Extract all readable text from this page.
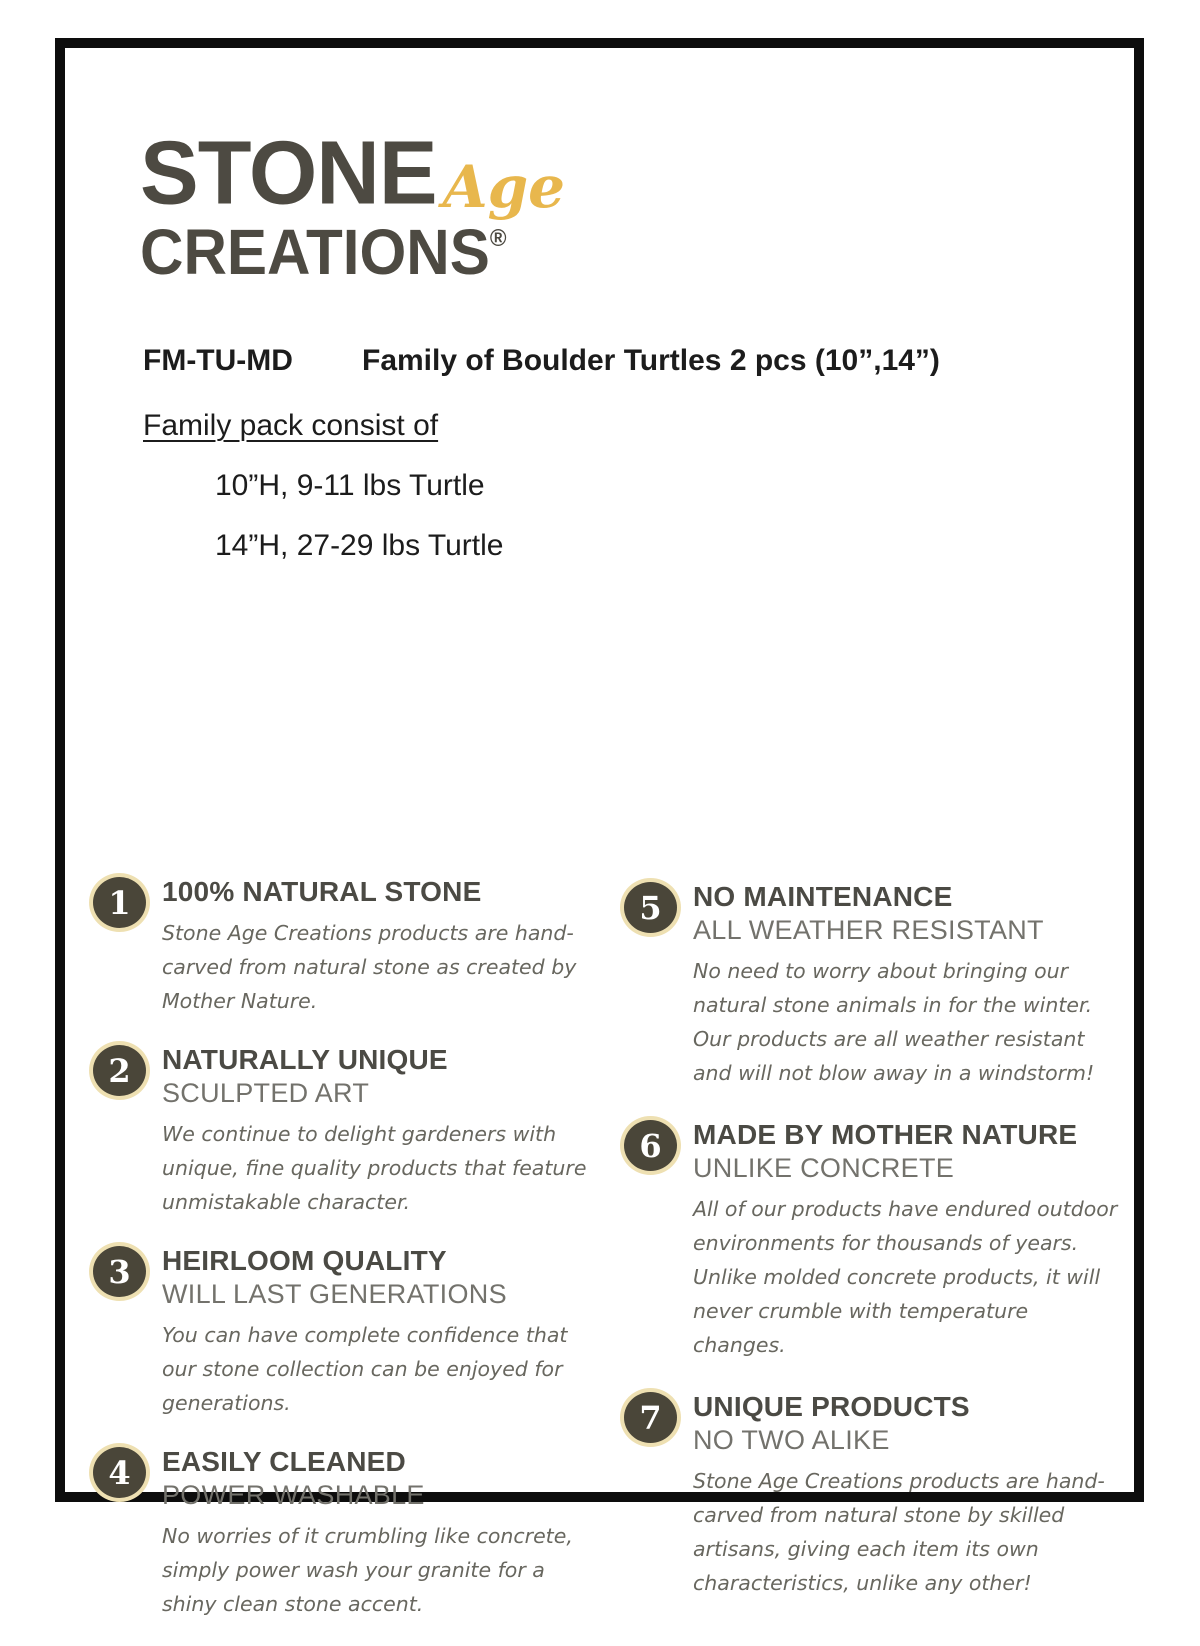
STONE Age
CREATIONS®
FM-TU-MD Family of Boulder Turtles 2 pcs (10”,14”)
Family pack consist of
10”H, 9-11 lbs Turtle
14”H, 27-29 lbs Turtle
1	100% NATURAL STONE

Stone Age Creations products are hand-carved from natural stone as created by Mother Nature.

2	NATURALLY UNIQUE
SCULPTED ART

We continue to delight gardeners with unique, fine quality products that feature unmistakable character.

3	HEIRLOOM QUALITY
WILL LAST GENERATIONS

You can have complete confidence that our stone collection can be enjoyed for generations.

4	EASILY CLEANED
POWER WASHABLE

No worries of it crumbling like concrete, simply power wash your granite for a shiny clean stone accent.

5	NO MAINTENANCE
ALL WEATHER RESISTANT

No need to worry about bringing our natural stone animals in for the winter. Our products are all weather resistant and will not blow away in a windstorm!

6	MADE BY MOTHER NATURE
UNLIKE CONCRETE

All of our products have endured outdoor environments for thousands of years. Unlike molded concrete products, it will never crumble with temperature changes.

7	UNIQUE PRODUCTS
NO TWO ALIKE

Stone Age Creations products are hand-carved from natural stone by skilled artisans, giving each item its own characteristics, unlike any other!
